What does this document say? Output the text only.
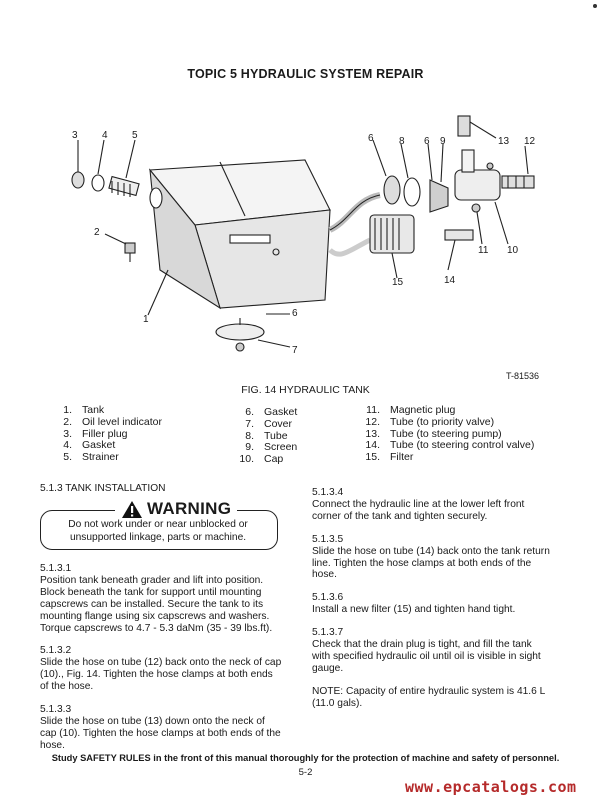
TOPIC 5 HYDRAULIC SYSTEM REPAIR
3 4 5
2
1
6
7
6	8 6 9	13 12
11 10
15	14
T-81536
FIG. 14 HYDRAULIC TANK
1. Tank
2. Oil level indicator
3. Filler plug
4. Gasket
5. Strainer
6. Gasket
7. Cover
8. Tube
9. Screen
10. Cap
11. Magnetic plug
12. Tube (to priority valve)
13. Tube (to steering pump)
14. Tube (to steering control valve)
15. Filter
5.1.3 TANK INSTALLATION
WARNING
Do not work under or near unblocked or unsupported linkage, parts or machine.

5.1.3.1

Position tank beneath grader and lift into position. Block beneath the tank for support until mounting capscrews can be installed. Secure the tank to its mounting flange using six capscrews and washers. Torque capscrews to 4.7 - 5.3 daNm (35 - 39 lbs.ft).

5.1.3.2

Slide the hose on tube (12) back onto the neck of cap (10)., Fig. 14. Tighten the hose clamps at both ends of the hose.

5.1.3.3

Slide the hose on tube (13) down onto the neck of cap (10). Tighten the hose clamps at both ends of the hose.

5.1.3.4

Connect the hydraulic line at the lower left front corner of the tank and tighten securely.

5.1.3.5

Slide the hose on tube (14) back onto the tank return line. Tighten the hose clamps at both ends of the hose.

5.1.3.6

Install a new filter (15) and tighten hand tight.

5.1.3.7

Check that the drain plug is tight, and fill the tank with specified hydraulic oil until oil is visible in sight gauge.

NOTE: Capacity of entire hydraulic system is 41.6 L (11.0 gals).

Study SAFETY RULES in the front of this manual thoroughly for the protection of machine and safety of personnel.
5-2
www.epcatalogs.com
